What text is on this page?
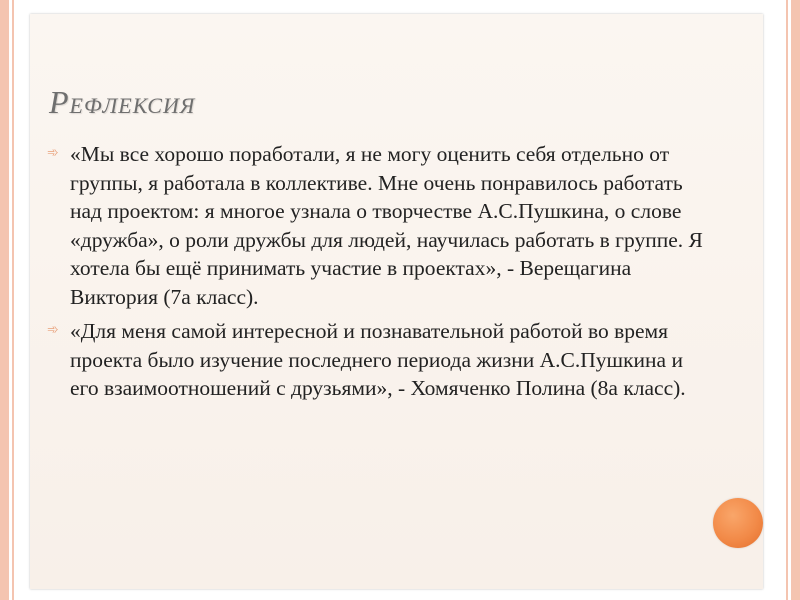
Рефлексия
➾ «Мы все хорошо поработали, я не могу оценить себя отдельно от группы, я работала в коллективе. Мне очень понравилось работать над проектом: я многое узнала о творчестве А.С.Пушкина, о слове «дружба», о роли дружбы для людей, научилась работать в группе. Я хотела бы ещё принимать участие в проектах», - Верещагина Виктория (7а класс).
➾ «Для меня самой интересной и познавательной работой во время проекта было изучение последнего периода жизни А.С.Пушкина и его взаимоотношений с друзьями», - Хомяченко Полина (8а класс).
